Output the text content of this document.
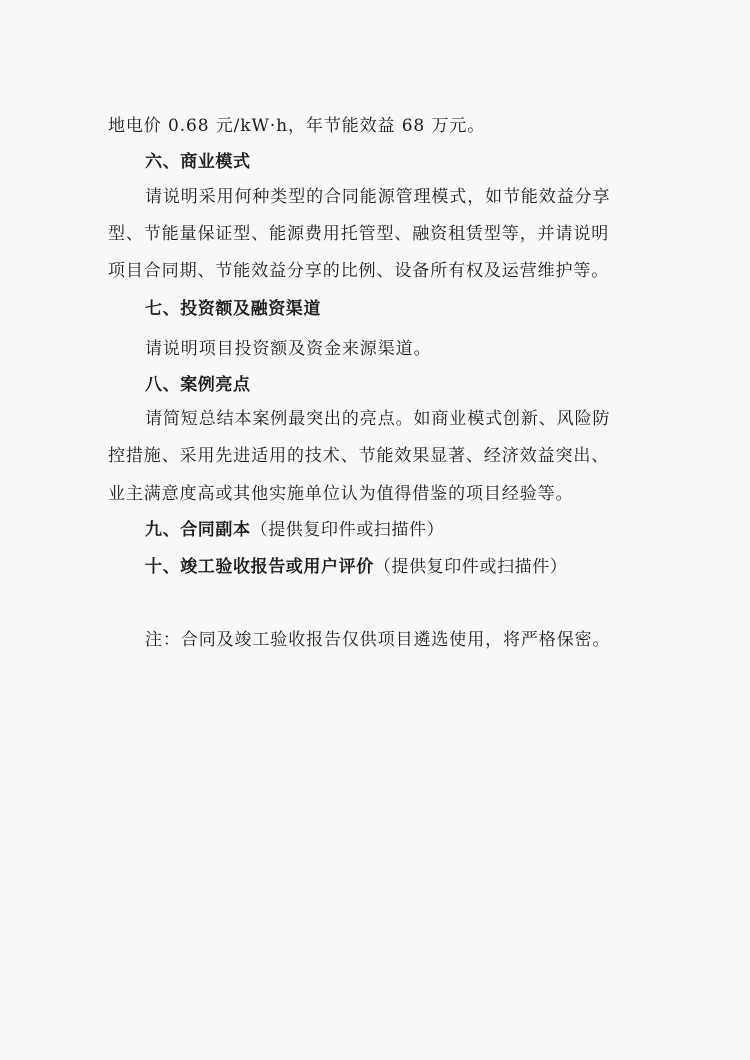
地电价 0.68 元/kW·h，年节能效益 68 万元。
六、商业模式
请说明采用何种类型的合同能源管理模式，如节能效益分享
型、节能量保证型、能源费用托管型、融资租赁型等，并请说明
项目合同期、节能效益分享的比例、设备所有权及运营维护等。
七、投资额及融资渠道
请说明项目投资额及资金来源渠道。
八、案例亮点
请简短总结本案例最突出的亮点。如商业模式创新、风险防
控措施、采用先进适用的技术、节能效果显著、经济效益突出、
业主满意度高或其他实施单位认为值得借鉴的项目经验等。
九、合同副本（提供复印件或扫描件）
十、竣工验收报告或用户评价（提供复印件或扫描件）
注：合同及竣工验收报告仅供项目遴选使用，将严格保密。
